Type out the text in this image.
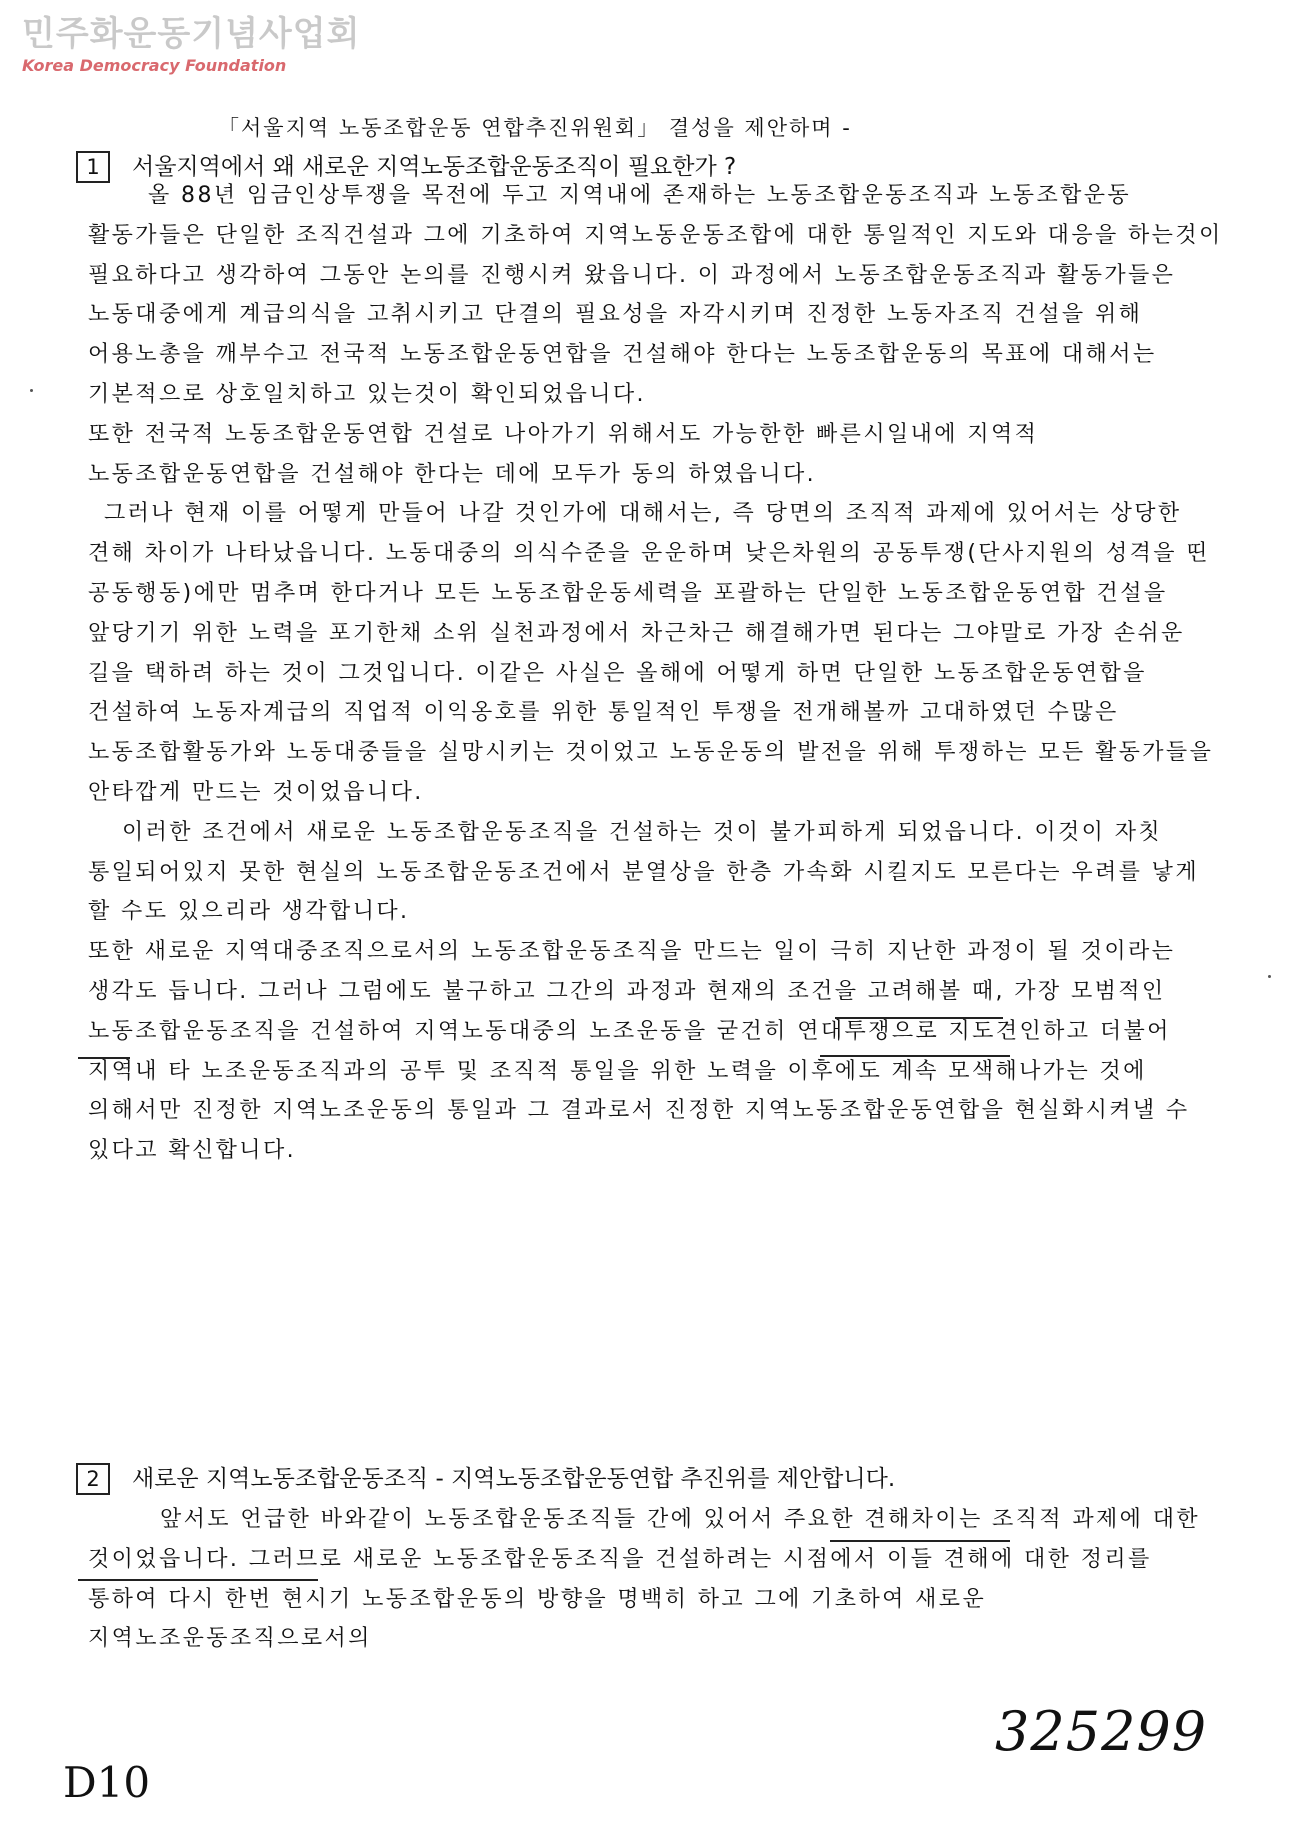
민주화운동기념사업회
Korea Democracy Foundation
「서울지역 노동조합운동 연합추진위원회」 결성을 제안하며 -
1 서울지역에서 왜 새로운 지역노동조합운동조직이 필요한가 ?

올 88년 임금인상투쟁을 목전에 두고 지역내에 존재하는 노동조합운동조직과 노동조합운동 활동가들은 단일한 조직건설과 그에 기초하여 지역노동운동조합에 대한 통일적인 지도와 대응을 하는것이 필요하다고 생각하여 그동안 논의를 진행시켜 왔읍니다. 이 과정에서 노동조합운동조직과 활동가들은 노동대중에게 계급의식을 고취시키고 단결의 필요성을 자각시키며 진정한 노동자조직 건설을 위해 어용노총을 깨부수고 전국적 노동조합운동연합을 건설해야 한다는 노동조합운동의 목표에 대해서는 기본적으로 상호일치하고 있는것이 확인되었읍니다.

또한 전국적 노동조합운동연합 건설로 나아가기 위해서도 가능한한 빠른시일내에 지역적 노동조합운동연합을 건설해야 한다는 데에 모두가 동의 하였읍니다.

그러나 현재 이를 어떻게 만들어 나갈 것인가에 대해서는, 즉 당면의 조직적 과제에 있어서는 상당한 견해 차이가 나타났읍니다. 노동대중의 의식수준을 운운하며 낮은차원의 공동투쟁(단사지원의 성격을 띤 공동행동)에만 멈추며 한다거나 모든 노동조합운동세력을 포괄하는 단일한 노동조합운동연합 건설을 앞당기기 위한 노력을 포기한채 소위 실천과정에서 차근차근 해결해가면 된다는 그야말로 가장 손쉬운 길을 택하려 하는 것이 그것입니다. 이같은 사실은 올해에 어떻게 하면 단일한 노동조합운동연합을 건설하여 노동자계급의 직업적 이익옹호를 위한 통일적인 투쟁을 전개해볼까 고대하였던 수많은 노동조합활동가와 노동대중들을 실망시키는 것이었고 노동운동의 발전을 위해 투쟁하는 모든 활동가들을 안타깝게 만드는 것이었읍니다.

이러한 조건에서 새로운 노동조합운동조직을 건설하는 것이 불가피하게 되었읍니다. 이것이 자칫 통일되어있지 못한 현실의 노동조합운동조건에서 분열상을 한층 가속화 시킬지도 모른다는 우려를 낳게 할 수도 있으리라 생각합니다.

또한 새로운 지역대중조직으로서의 노동조합운동조직을 만드는 일이 극히 지난한 과정이 될 것이라는 생각도 듭니다. 그러나 그럼에도 불구하고 그간의 과정과 현재의 조건을 고려해볼 때, 가장 모범적인 노동조합운동조직을 건설하여 지역노동대중의 노조운동을 굳건히 연대투쟁으로 지도견인하고 더불어 지역내 타 노조운동조직과의 공투 및 조직적 통일을 위한 노력을 이후에도 계속 모색해나가는 것에 의해서만 진정한 지역노조운동의 통일과 그 결과로서 진정한 지역노동조합운동연합을 현실화시켜낼 수 있다고 확신합니다.

2 새로운 지역노동조합운동조직 - 지역노동조합운동연합 추진위를 제안합니다.

앞서도 언급한 바와같이 노동조합운동조직들 간에 있어서 주요한 견해차이는 조직적 과제에 대한 것이었읍니다. 그러므로 새로운 노동조합운동조직을 건설하려는 시점에서 이들 견해에 대한 정리를 통하여 다시 한번 현시기 노동조합운동의 방향을 명백히 하고 그에 기초하여 새로운 지역노조운동조직으로서의

325299
D10
